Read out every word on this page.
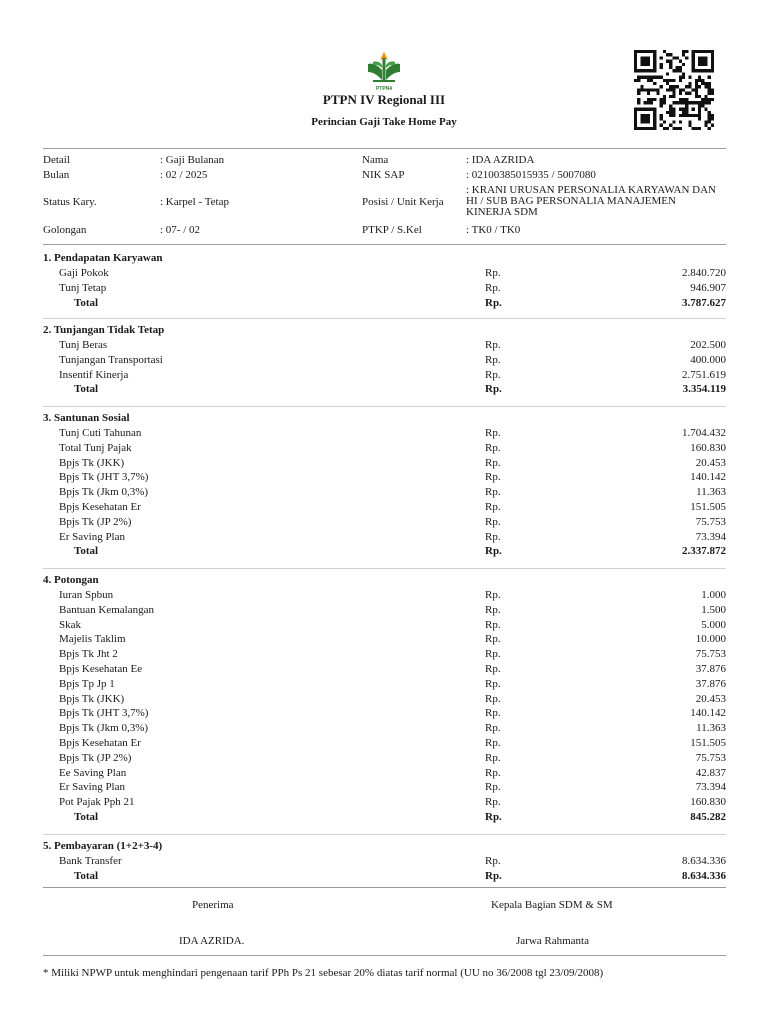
PTPN4
PTPN IV Regional III
Perincian Gaji Take Home Pay
Detail	: Gaji Bulanan
Bulan	: 02 / 2025
Status Kary.	: Karpel - Tetap
Golongan	: 07- / 02
Nama	: IDA AZRIDA
NIK SAP	: 02100385015935 / 5007080
Posisi / Unit Kerja
: KRANI URUSAN PERSONALIA KARYAWAN DAN HI / SUB BAG PERSONALIA MANAJEMEN KINERJA SDM
PTKP / S.Kel	: TK0 / TK0
1. Pendapatan Karyawan
Gaji Pokok	Rp.	2.840.720
Tunj Tetap	Rp.	946.907
Total	Rp.	3.787.627
2. Tunjangan Tidak Tetap
Tunj Beras	Rp.	202.500
Tunjangan Transportasi	Rp.	400.000
Insentif Kinerja	Rp.	2.751.619
Total	Rp.	3.354.119
3. Santunan Sosial
Tunj Cuti Tahunan	Rp.	1.704.432
Total Tunj Pajak	Rp.	160.830
Bpjs Tk (JKK)	Rp.	20.453
Bpjs Tk (JHT 3,7%)	Rp.	140.142
Bpjs Tk (Jkm 0,3%)	Rp.	11.363
Bpjs Kesehatan Er	Rp.	151.505
Bpjs Tk (JP 2%)	Rp.	75.753
Er Saving Plan	Rp.	73.394
Total	Rp.	2.337.872
4. Potongan
Iuran Spbun	Rp.	1.000
Bantuan Kemalangan	Rp.	1.500
Skak	Rp.	5.000
Majelis Taklim	Rp.	10.000
Bpjs Tk Jht 2	Rp.	75.753
Bpjs Kesehatan Ee	Rp.	37.876
Bpjs Tp Jp 1	Rp.	37.876
Bpjs Tk (JKK)	Rp.	20.453
Bpjs Tk (JHT 3,7%)	Rp.	140.142
Bpjs Tk (Jkm 0,3%)	Rp.	11.363
Bpjs Kesehatan Er	Rp.	151.505
Bpjs Tk (JP 2%)	Rp.	75.753
Ee Saving Plan	Rp.	42.837
Er Saving Plan	Rp.	73.394
Pot Pajak Pph 21	Rp.	160.830
Total	Rp.	845.282
5. Pembayaran (1+2+3-4)
Bank Transfer	Rp.	8.634.336
Total	Rp.	8.634.336
Penerima	Kepala Bagian SDM & SM
IDA AZRIDA.	Jarwa Rahmanta
* Miliki NPWP untuk menghindari pengenaan tarif PPh Ps 21 sebesar 20% diatas tarif normal (UU no 36/2008 tgl 23/09/2008)
